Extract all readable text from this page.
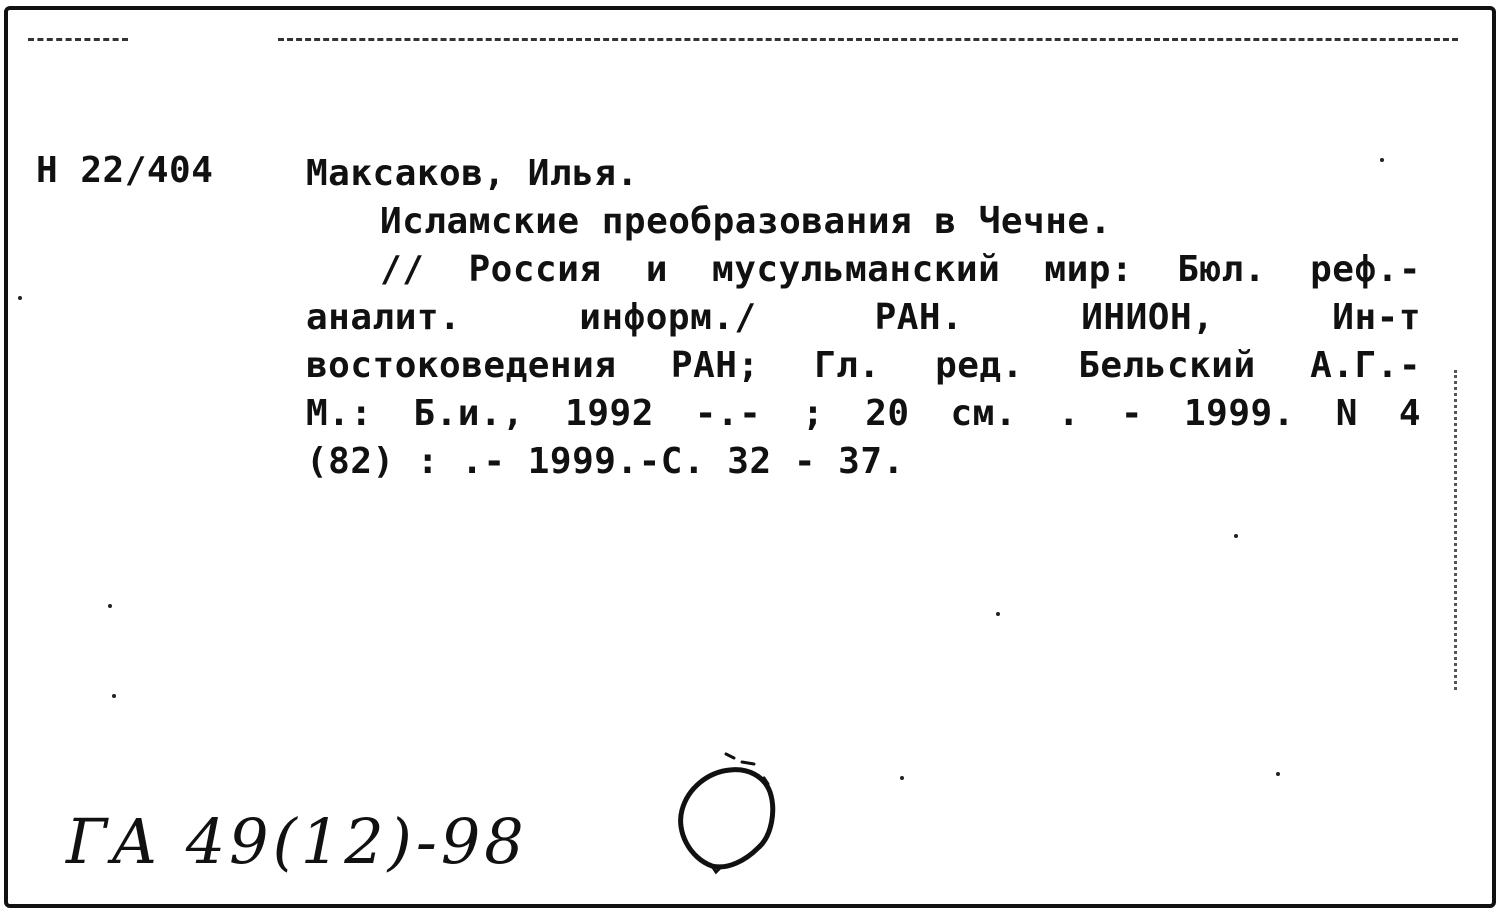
Н 22/404	Максаков, Илья.
Исламские преобразования в Чечне.
// Россия и мусульманский мир: Бюл. реф.-
аналит. информ./ РАН. ИНИОН, Ин-т
востоковедения РАН; Гл. ред. Бельский А.Г.-
М.: Б.и., 1992 -.- ; 20 см. . - 1999. N 4
(82) : .- 1999.-С. 32 - 37.
ГА 49(12)-98
